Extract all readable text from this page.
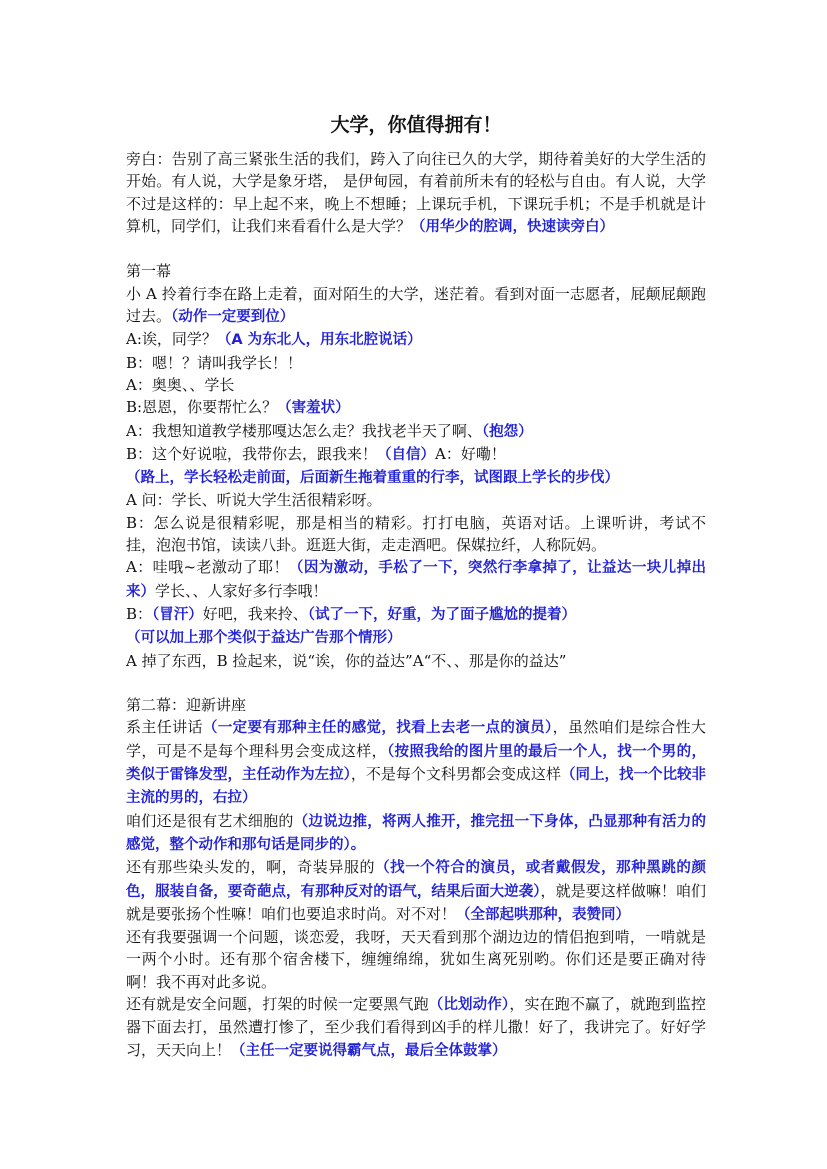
大学，你值得拥有！

旁白：告别了高三紧张生活的我们，跨入了向往已久的大学，期待着美好的大学生活的开始。有人说，大学是象牙塔， 是伊甸园，有着前所未有的轻松与自由。有人说，大学不过是这样的：早上起不来，晚上不想睡；上课玩手机，下课玩手机；不是手机就是计算机，同学们，让我们来看看什么是大学？（用华少的腔调，快速读旁白）

第一幕

小 A 拎着行李在路上走着，面对陌生的大学，迷茫着。看到对面一志愿者，屁颠屁颠跑过去。（动作一定要到位）

A:诶，同学？（A 为东北人，用东北腔说话）

B：嗯！？请叫我学长！！

A：奥奥、、学长

B:恩恩，你要帮忙么？（害羞状）

A：我想知道教学楼那嘎达怎么走？我找老半天了啊、（抱怨）

B：这个好说啦，我带你去，跟我来！（自信）A：好嘞！

（路上，学长轻松走前面，后面新生拖着重重的行李，试图跟上学长的步伐）

A 问：学长、听说大学生活很精彩呀。

B：怎么说是很精彩呢，那是相当的精彩。打打电脑，英语对话。上课听讲，考试不挂，泡泡书馆，读读八卦。逛逛大街，走走酒吧。保媒拉纤，人称阮妈。

A：哇哦~老激动了耶！（因为激动，手松了一下，突然行李拿掉了，让益达一块儿掉出来）学长、、人家好多行李哦！

B：（冒汗）好吧，我来拎、（试了一下，好重，为了面子尴尬的提着）

（可以加上那个类似于益达广告那个情形）

A 掉了东西，B 捡起来，说“诶，你的益达”A“不、、那是你的益达”

第二幕：迎新讲座

系主任讲话（一定要有那种主任的感觉，找看上去老一点的演员），虽然咱们是综合性大学，可是不是每个理科男会变成这样，（按照我给的图片里的最后一个人，找一个男的，类似于雷锋发型，主任动作为左拉），不是每个文科男都会变成这样（同上，找一个比较非主流的男的，右拉）

咱们还是很有艺术细胞的（边说边推，将两人推开，推完扭一下身体，凸显那种有活力的感觉，整个动作和那句话是同步的）。

还有那些染头发的，啊，奇装异服的（找一个符合的演员，或者戴假发，那种黑跳的颜色，服装自备，要奇葩点，有那种反对的语气，结果后面大逆袭），就是要这样做嘛！咱们就是要张扬个性嘛！咱们也要追求时尚。对不对！（全部起哄那种，表赞同）

还有我要强调一个问题，谈恋爱，我呀，天天看到那个湖边边的情侣抱到啃，一啃就是一两个小时。还有那个宿舍楼下，缠缠绵绵，犹如生离死别哟。你们还是要正确对待啊！我不再对此多说。

还有就是安全问题，打架的时候一定要黑气跑（比划动作），实在跑不赢了，就跑到监控器下面去打，虽然遭打惨了，至少我们看得到凶手的样儿撒！好了，我讲完了。好好学习，天天向上！（主任一定要说得霸气点，最后全体鼓掌）
